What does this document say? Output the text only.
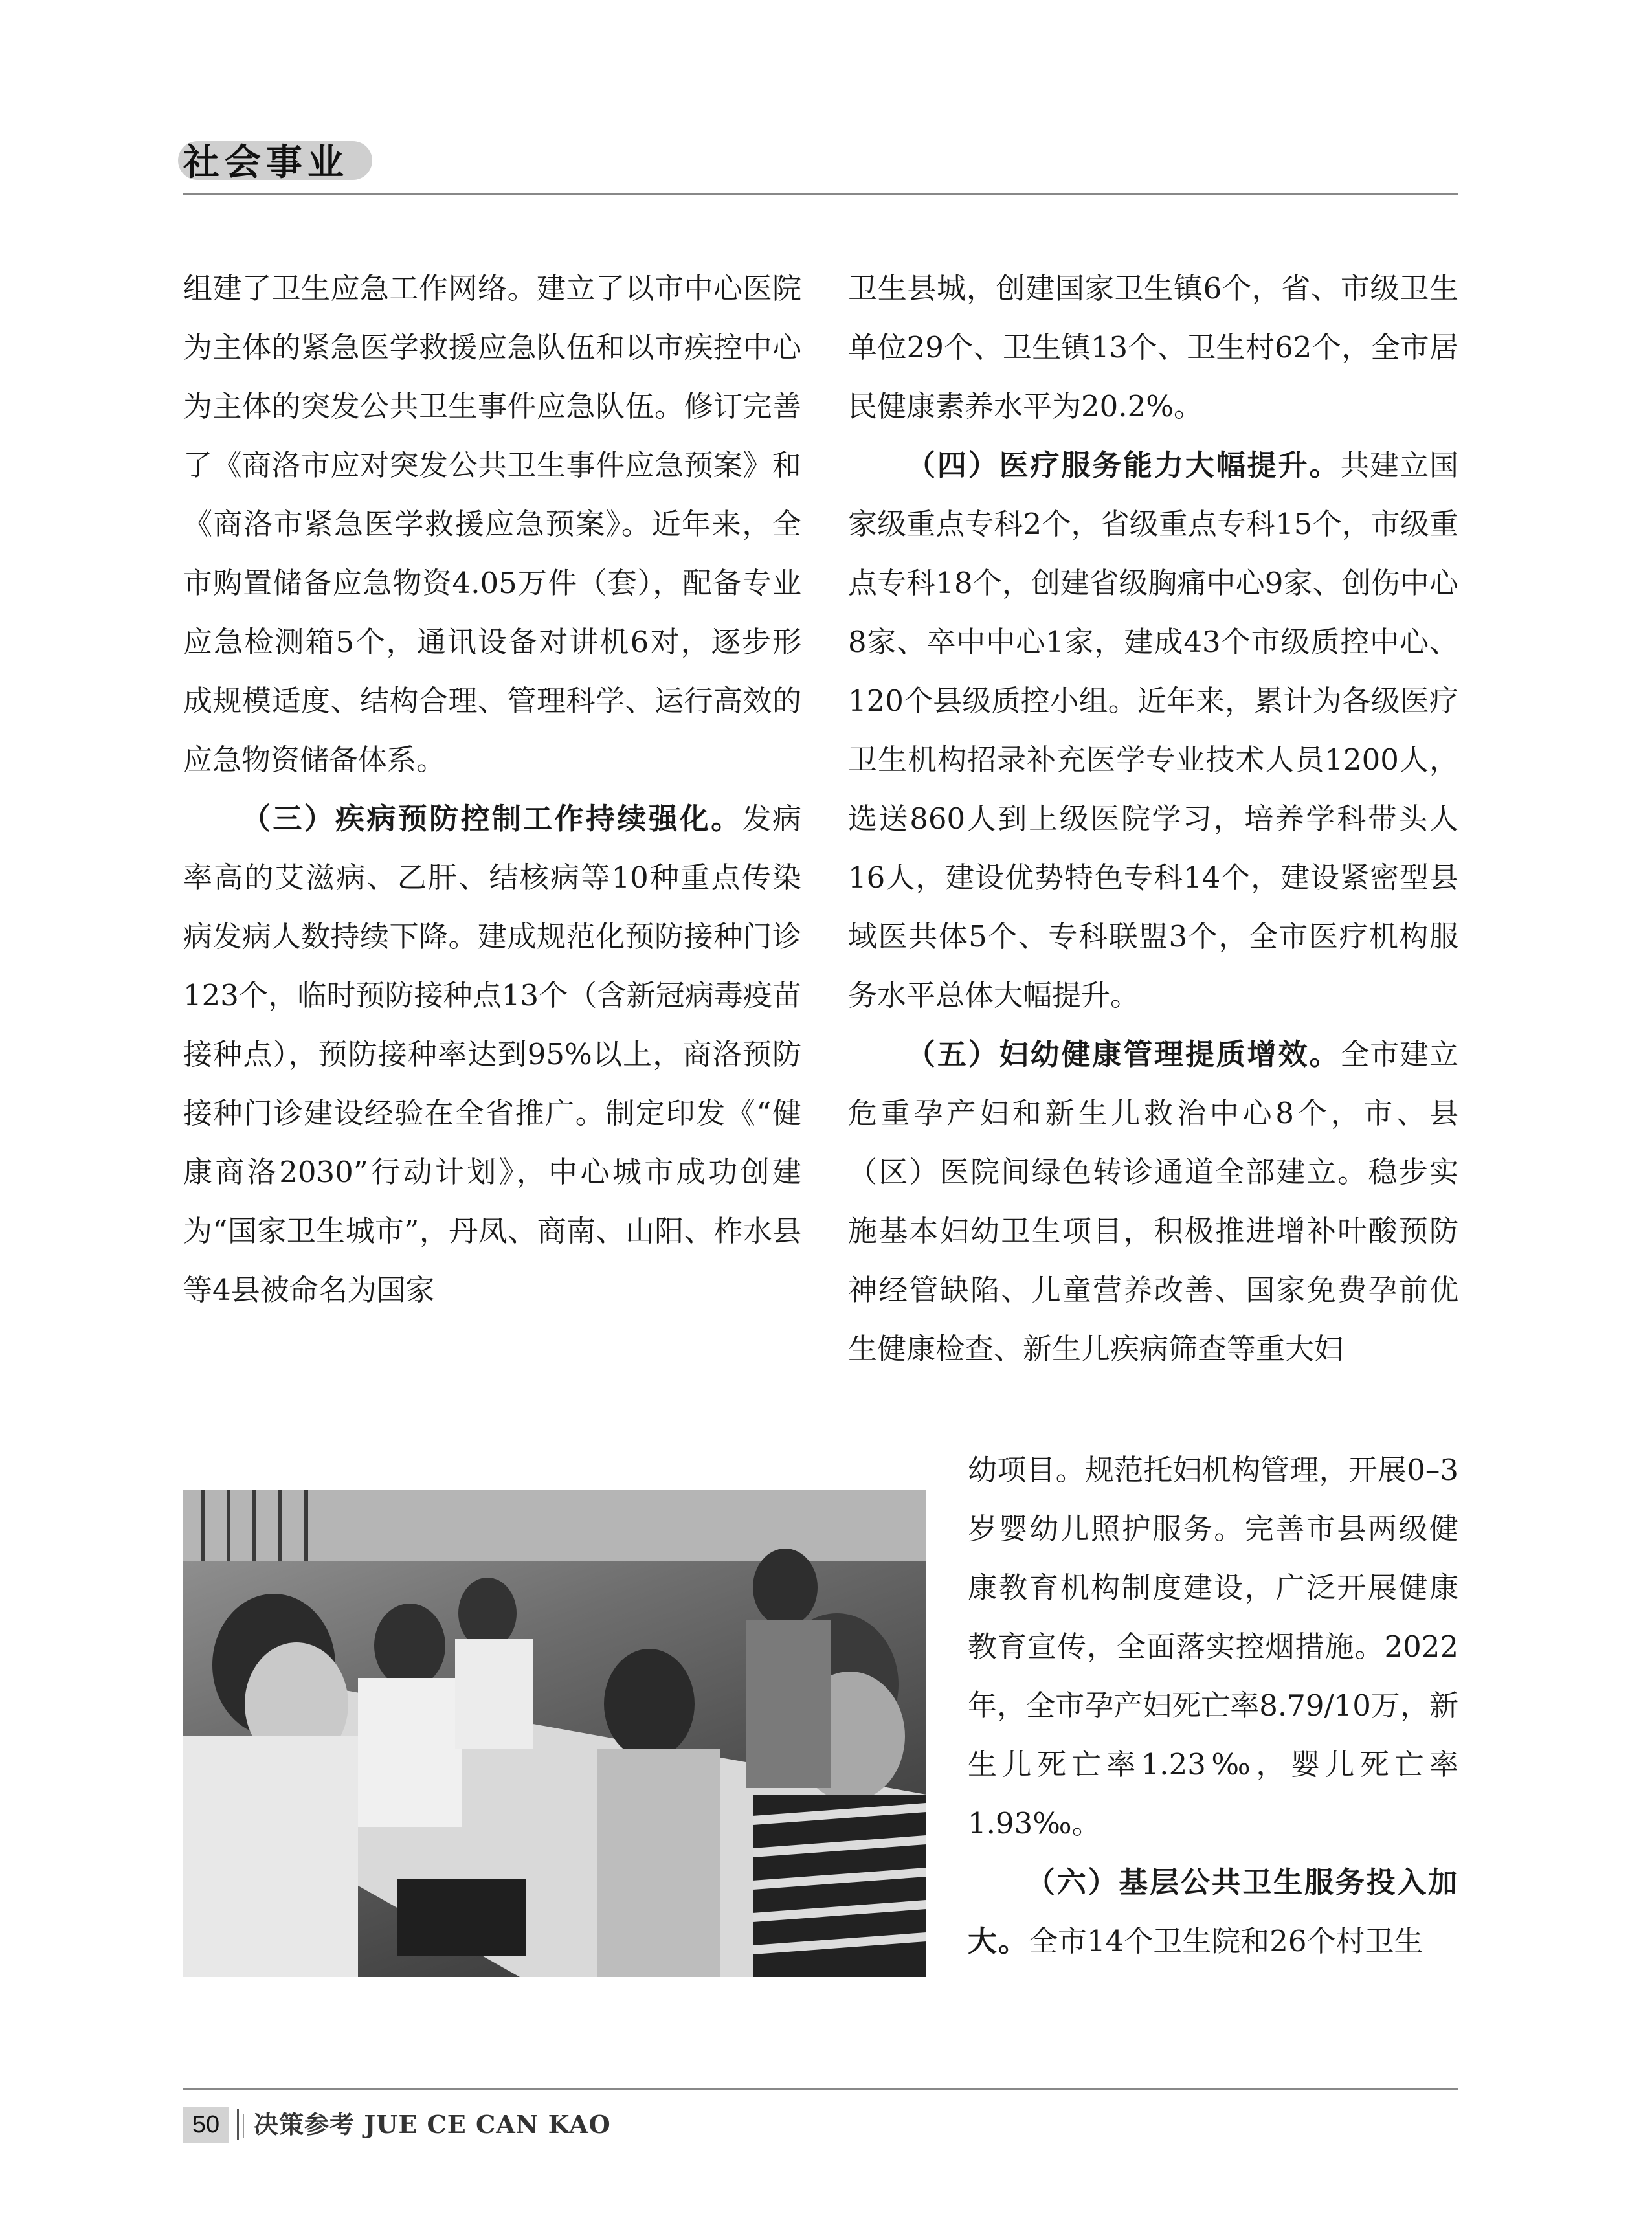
社会事业

组建了卫生应急工作网络。建立了以市中心医院为主体的紧急医学救援应急队伍和以市疾控中心为主体的突发公共卫生事件应急队伍。修订完善了《商洛市应对突发公共卫生事件应急预案》和《商洛市紧急医学救援应急预案》。近年来，全市购置储备应急物资4.05万件（套），配备专业应急检测箱5个，通讯设备对讲机6对，逐步形成规模适度、结构合理、管理科学、运行高效的应急物资储备体系。

（三）疾病预防控制工作持续强化。发病率高的艾滋病、乙肝、结核病等10种重点传染病发病人数持续下降。建成规范化预防接种门诊123个，临时预防接种点13个（含新冠病毒疫苗接种点），预防接种率达到95%以上，商洛预防接种门诊建设经验在全省推广。制定印发《“健康商洛2030”行动计划》，中心城市成功创建为“国家卫生城市”，丹凤、商南、山阳、柞水县等4县被命名为国家

卫生县城，创建国家卫生镇6个，省、市级卫生单位29个、卫生镇13个、卫生村62个，全市居民健康素养水平为20.2%。

（四）医疗服务能力大幅提升。共建立国家级重点专科2个，省级重点专科15个，市级重点专科18个，创建省级胸痛中心9家、创伤中心8家、卒中中心1家，建成43个市级质控中心、120个县级质控小组。近年来，累计为各级医疗卫生机构招录补充医学专业技术人员1200人，选送860人到上级医院学习，培养学科带头人16人，建设优势特色专科14个，建设紧密型县域医共体5个、专科联盟3个，全市医疗机构服务水平总体大幅提升。

（五）妇幼健康管理提质增效。全市建立危重孕产妇和新生儿救治中心8个，市、县（区）医院间绿色转诊通道全部建立。稳步实施基本妇幼卫生项目，积极推进增补叶酸预防神经管缺陷、儿童营养改善、国家免费孕前优生健康检查、新生儿疾病筛查等重大妇

幼项目。规范托妇机构管理，开展0–3岁婴幼儿照护服务。完善市县两级健康教育机构制度建设，广泛开展健康教育宣传，全面落实控烟措施。2022年，全市孕产妇死亡率8.79/10万，新生儿死亡率1.23‰，婴儿死亡率1.93‰。

（六）基层公共卫生服务投入加大。全市14个卫生院和26个村卫生

50	决策参考 JUE CE CAN KAO
